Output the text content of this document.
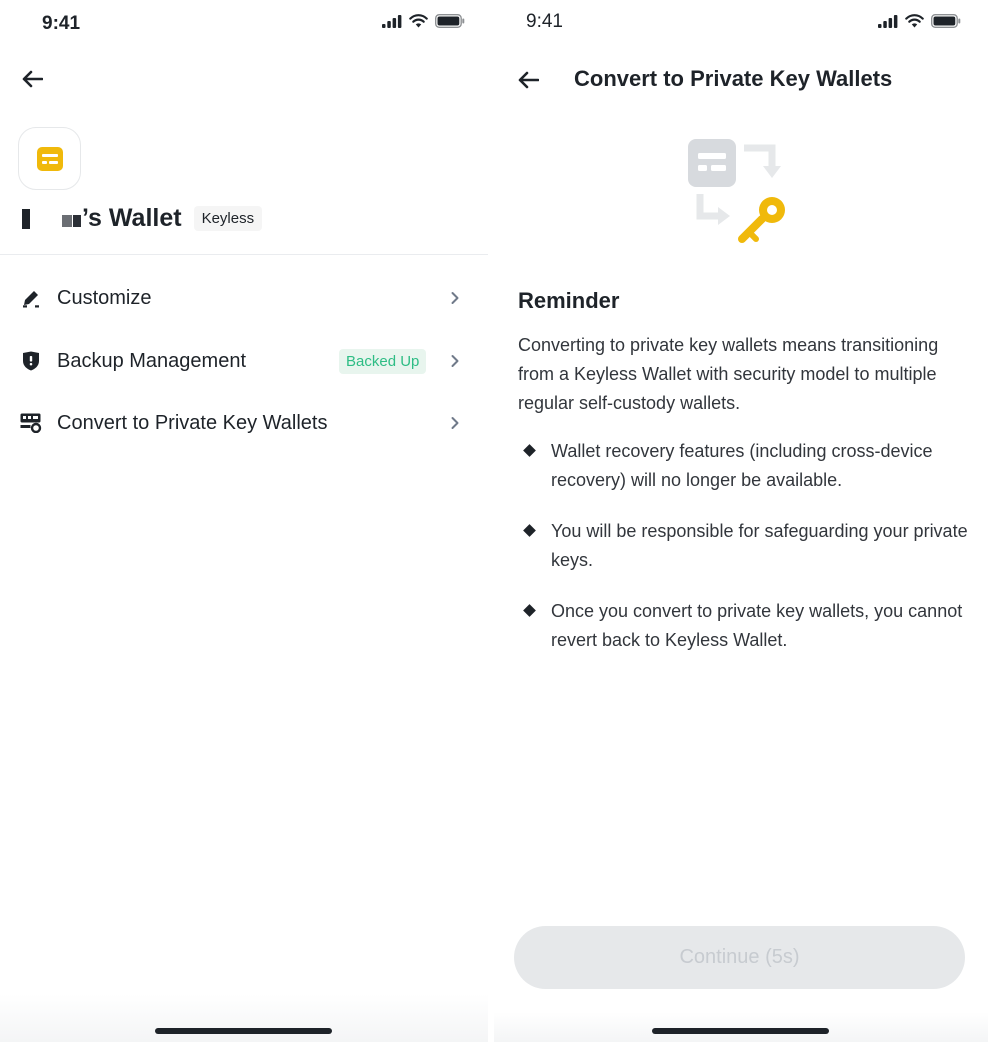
9:41
’s Wallet	Keyless
Customize
Backup Management	Backed Up
Convert to Private Key Wallets
9:41
Convert to Private Key Wallets
Reminder
Converting to private key wallets means transitioning from a Keyless Wallet with security model to multiple regular self-custody wallets.
Wallet recovery features (including cross-device recovery) will no longer be available.
You will be responsible for safeguarding your private keys.
Once you convert to private key wallets, you cannot revert back to Keyless Wallet.
Continue (5s)
